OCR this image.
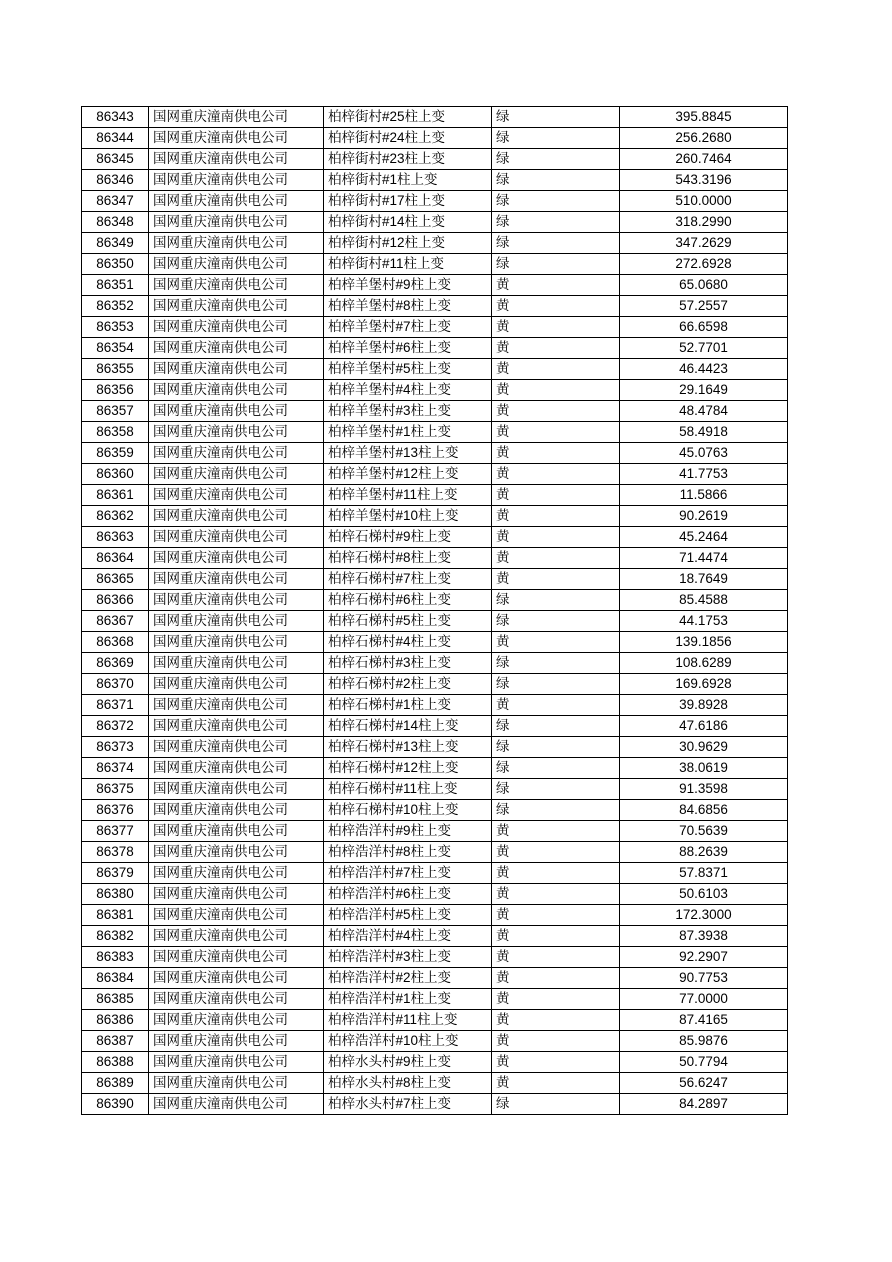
86343	国网重庆潼南供电公司	柏梓街村#25柱上变	绿	395.8845
86344	国网重庆潼南供电公司	柏梓街村#24柱上变	绿	256.2680
86345	国网重庆潼南供电公司	柏梓街村#23柱上变	绿	260.7464
86346	国网重庆潼南供电公司	柏梓街村#1柱上变	绿	543.3196
86347	国网重庆潼南供电公司	柏梓街村#17柱上变	绿	510.0000
86348	国网重庆潼南供电公司	柏梓街村#14柱上变	绿	318.2990
86349	国网重庆潼南供电公司	柏梓街村#12柱上变	绿	347.2629
86350	国网重庆潼南供电公司	柏梓街村#11柱上变	绿	272.6928
86351	国网重庆潼南供电公司	柏梓羊堡村#9柱上变	黄	65.0680
86352	国网重庆潼南供电公司	柏梓羊堡村#8柱上变	黄	57.2557
86353	国网重庆潼南供电公司	柏梓羊堡村#7柱上变	黄	66.6598
86354	国网重庆潼南供电公司	柏梓羊堡村#6柱上变	黄	52.7701
86355	国网重庆潼南供电公司	柏梓羊堡村#5柱上变	黄	46.4423
86356	国网重庆潼南供电公司	柏梓羊堡村#4柱上变	黄	29.1649
86357	国网重庆潼南供电公司	柏梓羊堡村#3柱上变	黄	48.4784
86358	国网重庆潼南供电公司	柏梓羊堡村#1柱上变	黄	58.4918
86359	国网重庆潼南供电公司	柏梓羊堡村#13柱上变	黄	45.0763
86360	国网重庆潼南供电公司	柏梓羊堡村#12柱上变	黄	41.7753
86361	国网重庆潼南供电公司	柏梓羊堡村#11柱上变	黄	11.5866
86362	国网重庆潼南供电公司	柏梓羊堡村#10柱上变	黄	90.2619
86363	国网重庆潼南供电公司	柏梓石梯村#9柱上变	黄	45.2464
86364	国网重庆潼南供电公司	柏梓石梯村#8柱上变	黄	71.4474
86365	国网重庆潼南供电公司	柏梓石梯村#7柱上变	黄	18.7649
86366	国网重庆潼南供电公司	柏梓石梯村#6柱上变	绿	85.4588
86367	国网重庆潼南供电公司	柏梓石梯村#5柱上变	绿	44.1753
86368	国网重庆潼南供电公司	柏梓石梯村#4柱上变	黄	139.1856
86369	国网重庆潼南供电公司	柏梓石梯村#3柱上变	绿	108.6289
86370	国网重庆潼南供电公司	柏梓石梯村#2柱上变	绿	169.6928
86371	国网重庆潼南供电公司	柏梓石梯村#1柱上变	黄	39.8928
86372	国网重庆潼南供电公司	柏梓石梯村#14柱上变	绿	47.6186
86373	国网重庆潼南供电公司	柏梓石梯村#13柱上变	绿	30.9629
86374	国网重庆潼南供电公司	柏梓石梯村#12柱上变	绿	38.0619
86375	国网重庆潼南供电公司	柏梓石梯村#11柱上变	绿	91.3598
86376	国网重庆潼南供电公司	柏梓石梯村#10柱上变	绿	84.6856
86377	国网重庆潼南供电公司	柏梓浩洋村#9柱上变	黄	70.5639
86378	国网重庆潼南供电公司	柏梓浩洋村#8柱上变	黄	88.2639
86379	国网重庆潼南供电公司	柏梓浩洋村#7柱上变	黄	57.8371
86380	国网重庆潼南供电公司	柏梓浩洋村#6柱上变	黄	50.6103
86381	国网重庆潼南供电公司	柏梓浩洋村#5柱上变	黄	172.3000
86382	国网重庆潼南供电公司	柏梓浩洋村#4柱上变	黄	87.3938
86383	国网重庆潼南供电公司	柏梓浩洋村#3柱上变	黄	92.2907
86384	国网重庆潼南供电公司	柏梓浩洋村#2柱上变	黄	90.7753
86385	国网重庆潼南供电公司	柏梓浩洋村#1柱上变	黄	77.0000
86386	国网重庆潼南供电公司	柏梓浩洋村#11柱上变	黄	87.4165
86387	国网重庆潼南供电公司	柏梓浩洋村#10柱上变	黄	85.9876
86388	国网重庆潼南供电公司	柏梓水头村#9柱上变	黄	50.7794
86389	国网重庆潼南供电公司	柏梓水头村#8柱上变	黄	56.6247
86390	国网重庆潼南供电公司	柏梓水头村#7柱上变	绿	84.2897
